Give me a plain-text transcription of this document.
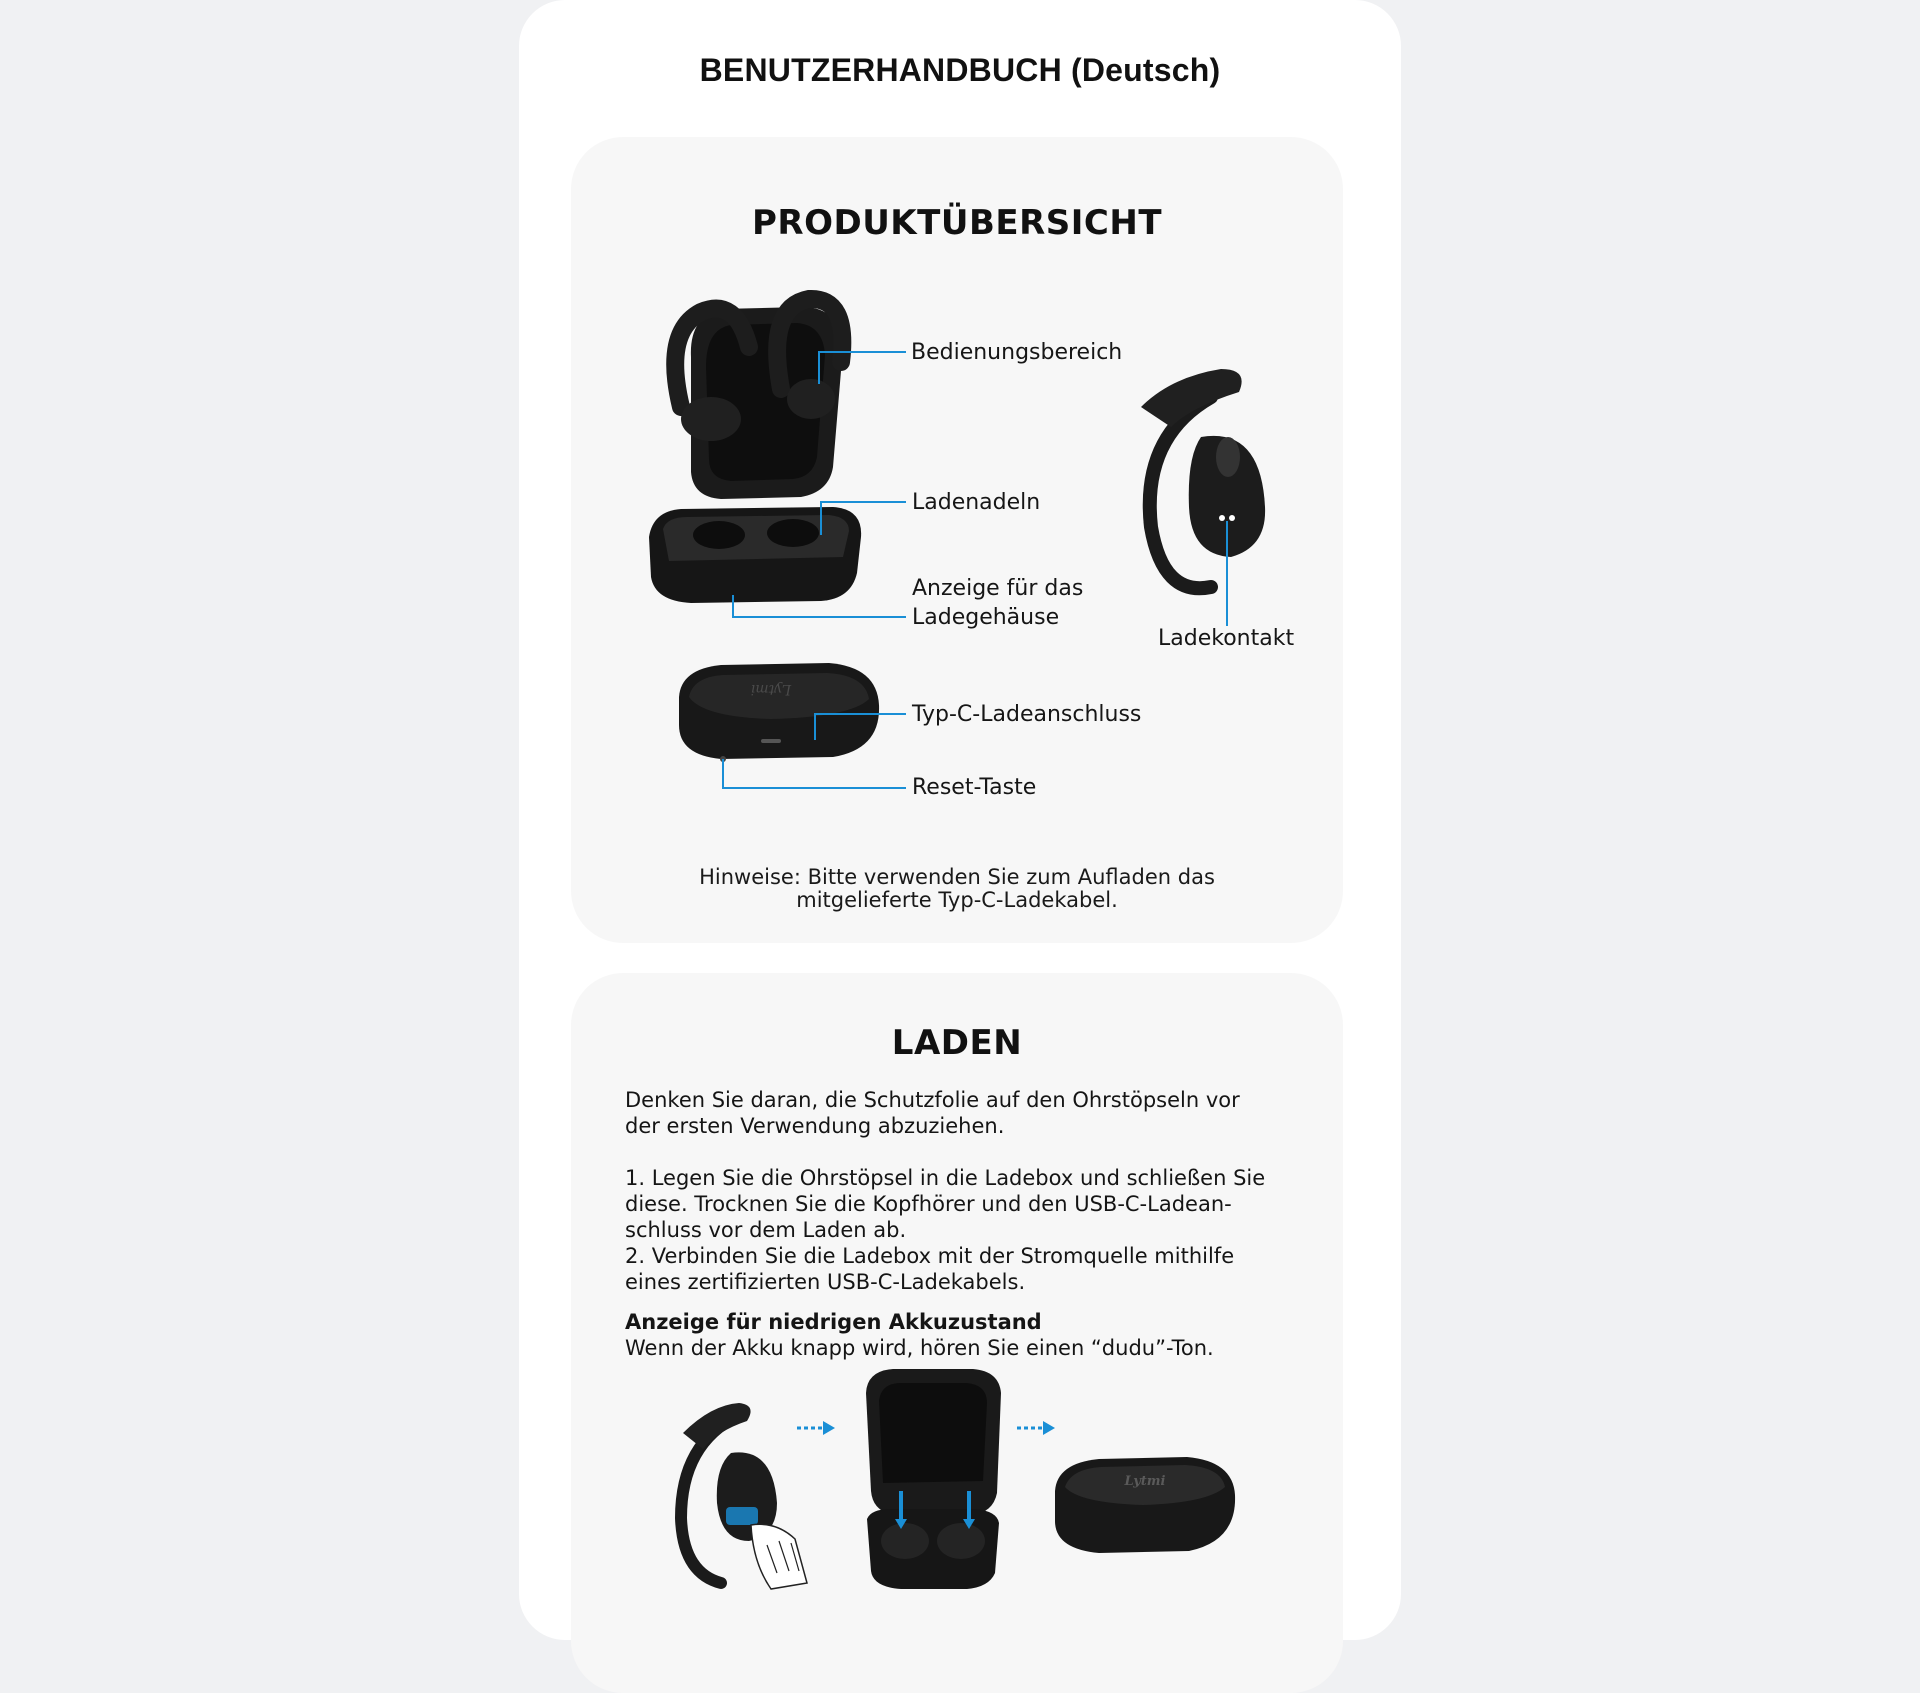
BENUTZERHANDBUCH (Deutsch)
PRODUKTÜBERSICHT
Lytmi
Bedienungsbereich
Ladenadeln
Anzeige für das
Ladegehäuse
Ladekontakt
Typ-C-Ladeanschluss
Reset-Taste
Hinweise: Bitte verwenden Sie zum Aufladen das
mitgelieferte Typ-C-Ladekabel.
LADEN

Denken Sie daran, die Schutzfolie auf den Ohrstöpseln vor

der ersten Verwendung abzuziehen.

1. Legen Sie die Ohrstöpsel in die Ladebox und schließen Sie

diese. Trocknen Sie die Kopfhörer und den USB-C-Ladean-

schluss vor dem Laden ab.

2. Verbinden Sie die Ladebox mit der Stromquelle mithilfe

eines zertifizierten USB-C-Ladekabels.

Anzeige für niedrigen Akkuzustand

Wenn der Akku knapp wird, hören Sie einen “dudu”-Ton.

Lytmi
